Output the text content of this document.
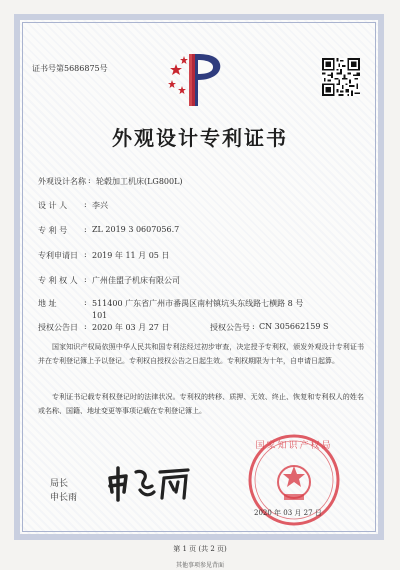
证书号第5686875号
外观设计专利证书
外观设计名称 : 轮毂加工机床(LG800L)
设 计 人 : 李兴
专 利 号 : ZL 2019 3 0607056.7
专利申请日 : 2019 年 11 月 05 日
专 利 权 人 : 广州佳盟子机床有限公司
地 址	: 511400 广东省广州市番禺区南村镇坑头东线路七横路 8 号
101
授权公告日 : 2020 年 03 月 27 日	授权公告号 : CN 305662159 S
国家知识产权局依照中华人民共和国专利法经过初步审查，决定授予专利权，颁发外观设计专利证书并在专利登记簿上予以登记。专利权自授权公告之日起生效。专利权期限为十年，自申请日起算。
专利证书记载专利权登记时的法律状况。专利权的转移、质押、无效、终止、恢复和专利权人的姓名或名称、国籍、地址变更等事项记载在专利登记簿上。
国家知识产权局
2020 年 03 月 27 日
局长
申长雨
第 1 页 (共 2 页)
其他事项参见背面
